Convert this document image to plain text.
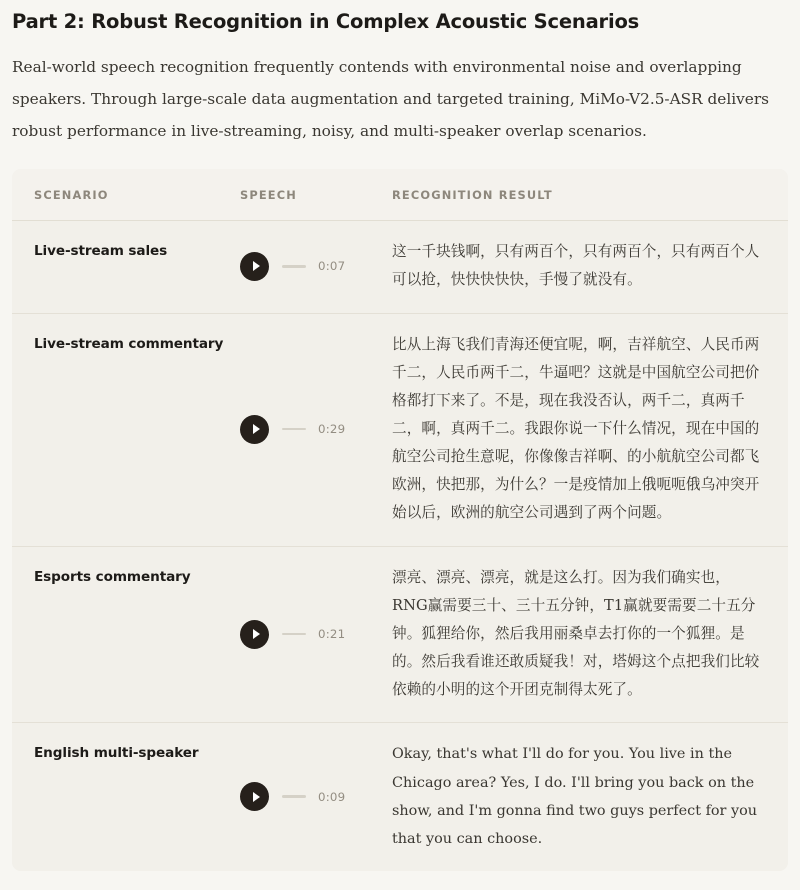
Part 2: Robust Recognition in Complex Acoustic Scenarios

Real-world speech recognition frequently contends with environmental noise and overlapping speakers. Through large-scale data augmentation and targeted training, MiMo-V2.5-ASR delivers robust performance in live-streaming, noisy, and multi-speaker overlap scenarios.

SCENARIO	SPEECH	RECOGNITION RESULT
Live-stream sales
0:07
这一千块钱啊，只有两百个，只有两百个，只有两百个人可以抢，快快快快快，手慢了就没有。
Live-stream commentary
0:29
比从上海飞我们青海还便宜呢，啊，吉祥航空、人民币两千二，人民币两千二，牛逼吧？这就是中国航空公司把价格都打下来了。不是，现在我没否认，两千二，真两千二，啊，真两千二。我跟你说一下什么情况，现在中国的航空公司抢生意呢，你像像吉祥啊、的小航航空公司都飞欧洲，快把那，为什么？一是疫情加上俄呃呃俄乌冲突开始以后，欧洲的航空公司遇到了两个问题。
Esports commentary
0:21
漂亮、漂亮、漂亮，就是这么打。因为我们确实也，RNG赢需要三十、三十五分钟，T1赢就要需要二十五分钟。狐狸给你，然后我用丽桑卓去打你的一个狐狸。是的。然后我看谁还敢质疑我！对，塔姆这个点把我们比较依赖的小明的这个开团克制得太死了。
English multi-speaker
0:09
Okay, that's what I'll do for you. You live in the Chicago area? Yes, I do. I'll bring you back on the show, and I'm gonna find two guys perfect for you that you can choose.
